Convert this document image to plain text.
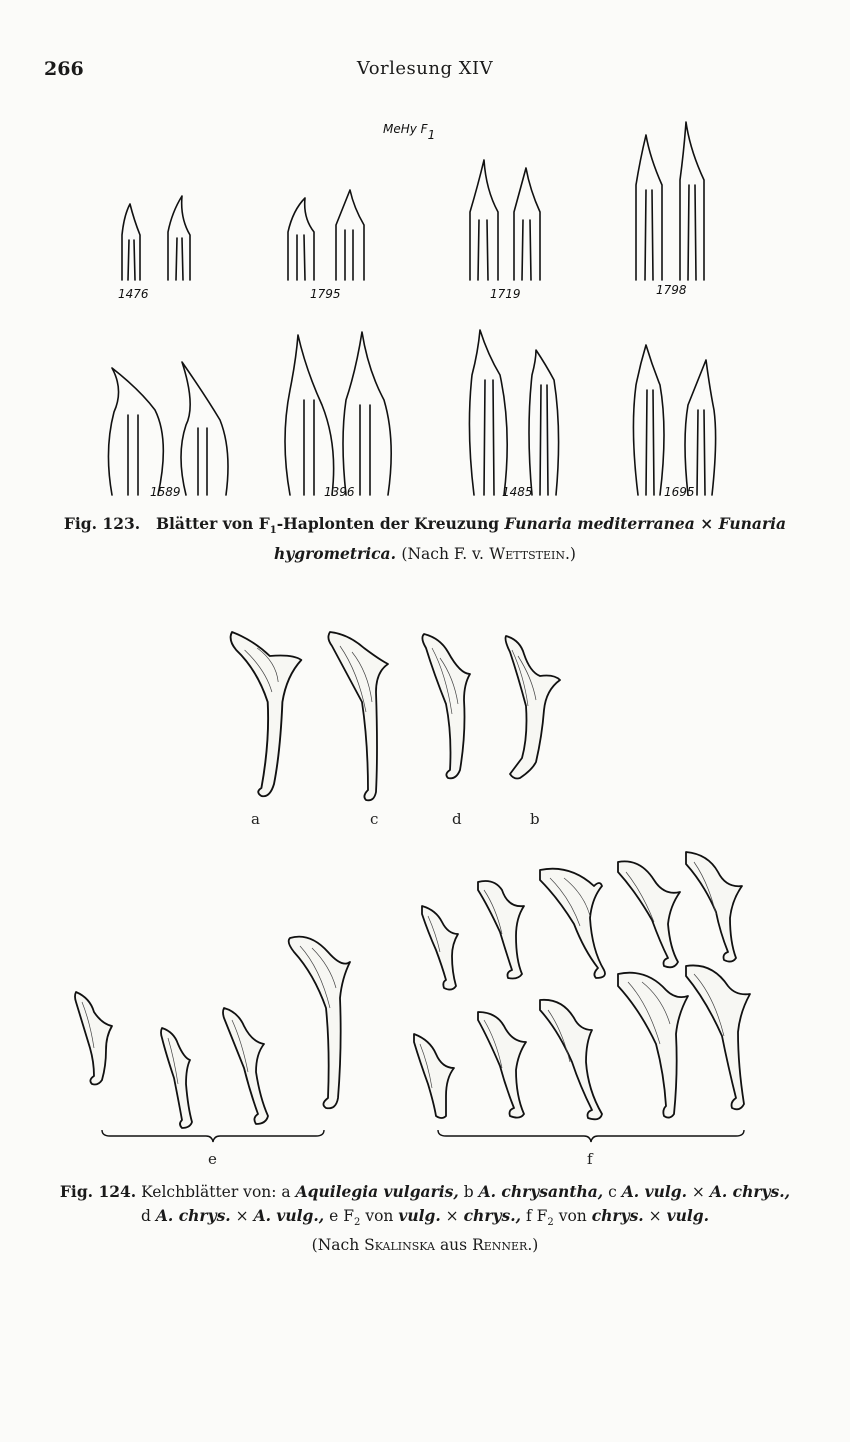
266	Vorlesung XIV
MeHy F1
1476	1795	1719	1798
1589	1396	1485	1695
Fig. 123. Blätter von $F_1$-Haplonten der Kreuzung Funaria mediterranea × Funaria
hygrometrica. (Nach F. v. Wettstein.)
a	c	d	b
e	f
Fig. 124. Kelchblätter von: a Aquilegia vulgaris, b A. chrysantha, c A. vulg. × A. chrys.,
d A. chrys. × A. vulg., e $F_2$ von vulg. × chrys., f $F_2$ von chrys. × vulg.
(Nach Skalinska aus Renner.)
